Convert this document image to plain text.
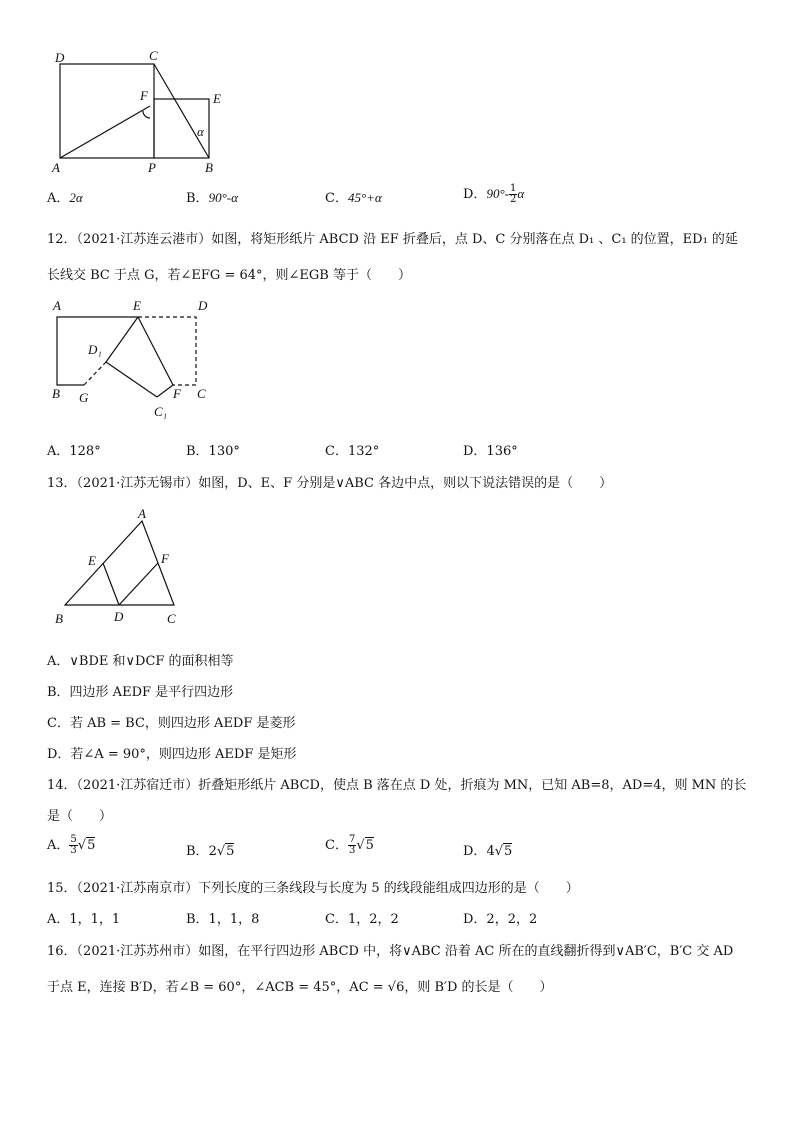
D	C
F	E
α
A	P	B
A．2α	B．90°-α	C．45°+α	D．$90^\circ- \frac{1}{2}$ α
12．（2021·江苏连云港市）如图，将矩形纸片 ABCD 沿 EF 折叠后，点 D、C 分别落在点 D₁ 、C₁ 的位置，ED₁ 的延
长线交 BC 于点 G，若∠EFG = 64°，则∠EGB 等于（　　）
A	E	D
D₁
B G	F C
C₁
A．128°	B．130°	C．132°	D．136°
13．（2021·江苏无锡市）如图，D、E、F 分别是∨ABC 各边中点，则以下说法错误的是（　　）
A
E	F
B	D	C
A．∨BDE 和∨DCF 的面积相等
B．四边形 AEDF 是平行四边形
C．若 AB = BC，则四边形 AEDF 是菱形
D．若∠A = 90°，则四边形 AEDF 是矩形
14．（2021·江苏宿迁市）折叠矩形纸片 ABCD，使点 B 落在点 D 处，折痕为 MN，已知 AB=8，AD=4，则 MN 的长
是（　　）
A． $\frac{5}{3} √5$	B．2√5	C． $\frac{7}{3} √5$	D．4√5
15．（2021·江苏南京市）下列长度的三条线段与长度为 5 的线段能组成四边形的是（　　）
A．1，1，1	B．1，1，8	C．1，2，2	D．2，2，2
16．（2021·江苏苏州市）如图，在平行四边形 ABCD 中，将∨ABC 沿着 AC 所在的直线翻折得到∨AB′C，B′C 交 AD
于点 E，连接 B′D，若∠B = 60°，∠ACB = 45°，AC = √6，则 B′D 的长是（　　）
